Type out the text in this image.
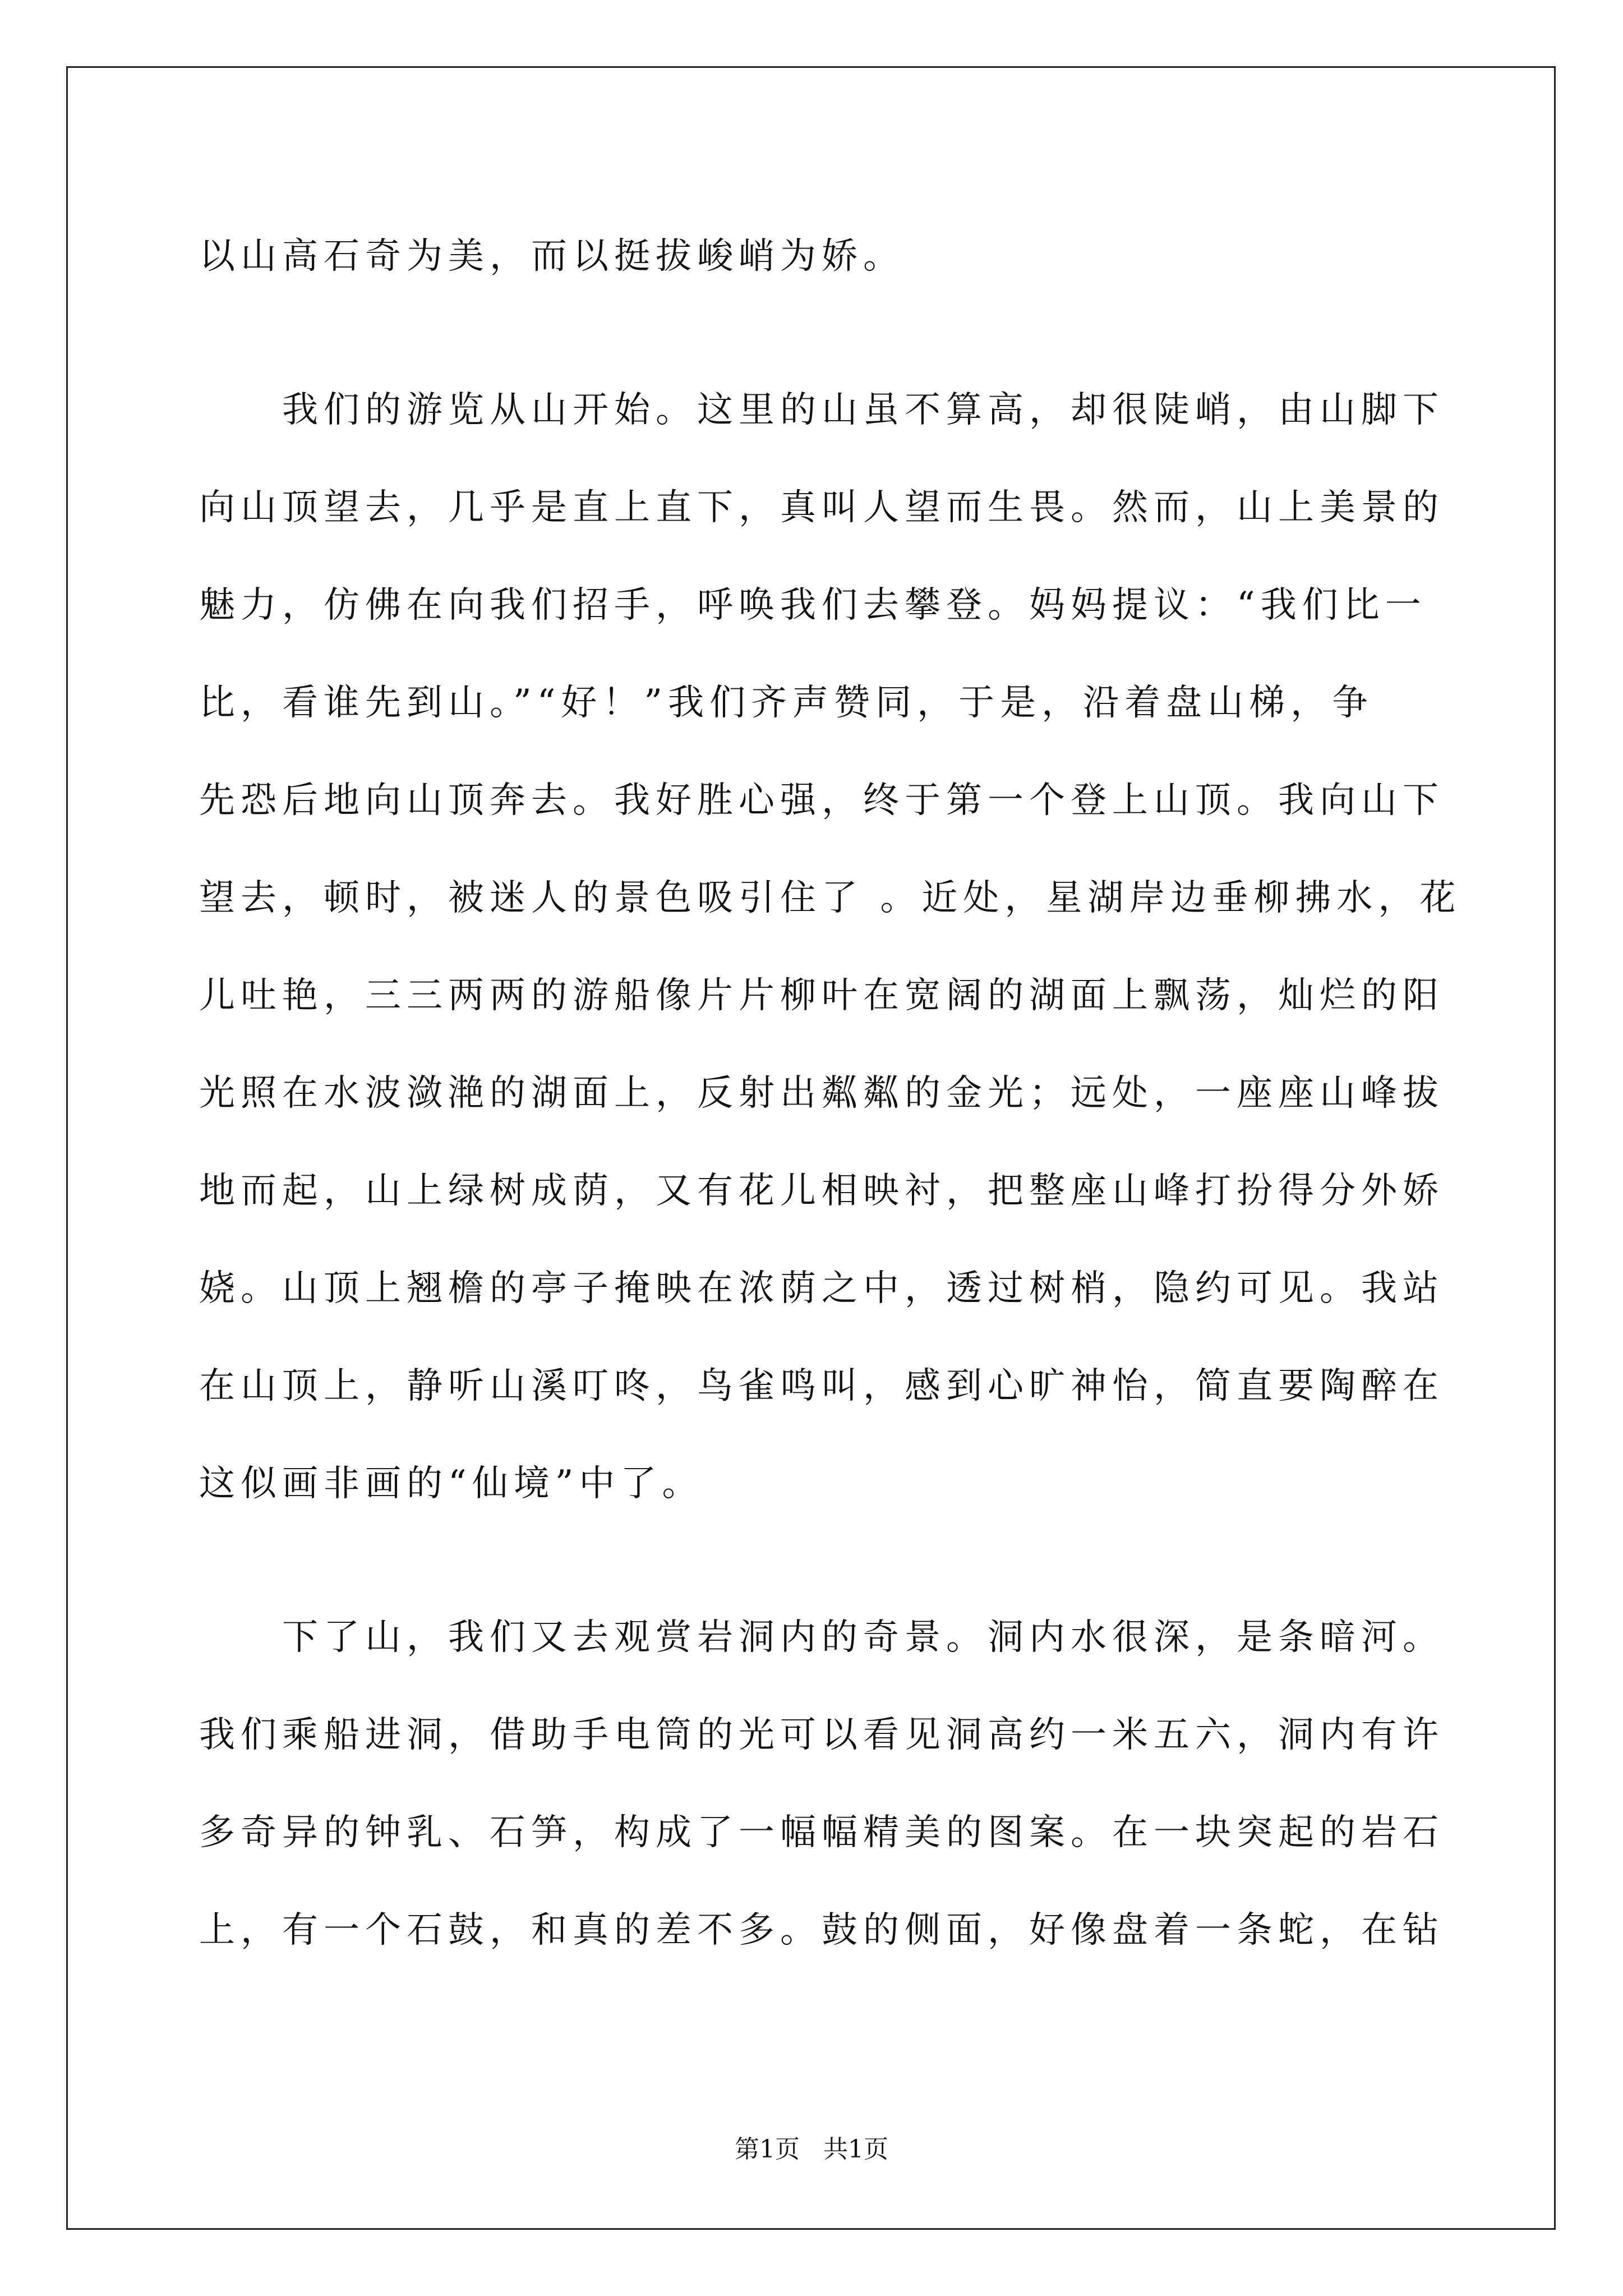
以山高石奇为美，而以挺拔峻峭为娇。
我们的游览从山开始。这里的山虽不算高，却很陡峭，由山脚下
向山顶望去，几乎是直上直下，真叫人望而生畏。然而，山上美景的
魅力，仿佛在向我们招手，呼唤我们去攀登。妈妈提议：“我们比一
比，看谁先到山。”“好！”我们齐声赞同，于是，沿着盘山梯，争
先恐后地向山顶奔去。我好胜心强，终于第一个登上山顶。我向山下
望去，顿时，被迷人的景色吸引住了 。近处，星湖岸边垂柳拂水，花
儿吐艳，三三两两的游船像片片柳叶在宽阔的湖面上飘荡，灿烂的阳
光照在水波潋滟的湖面上，反射出粼粼的金光；远处，一座座山峰拔
地而起，山上绿树成荫，又有花儿相映衬，把整座山峰打扮得分外娇
娆。山顶上翘檐的亭子掩映在浓荫之中，透过树梢，隐约可见。我站
在山顶上，静听山溪叮咚，鸟雀鸣叫，感到心旷神怡，简直要陶醉在
这似画非画的“仙境”中了。
下了山，我们又去观赏岩洞内的奇景。洞内水很深，是条暗河。
我们乘船进洞，借助手电筒的光可以看见洞高约一米五六，洞内有许
多奇异的钟乳、石笋，构成了一幅幅精美的图案。在一块突起的岩石
上，有一个石鼓，和真的差不多。鼓的侧面，好像盘着一条蛇，在钻
第1页 共1页
